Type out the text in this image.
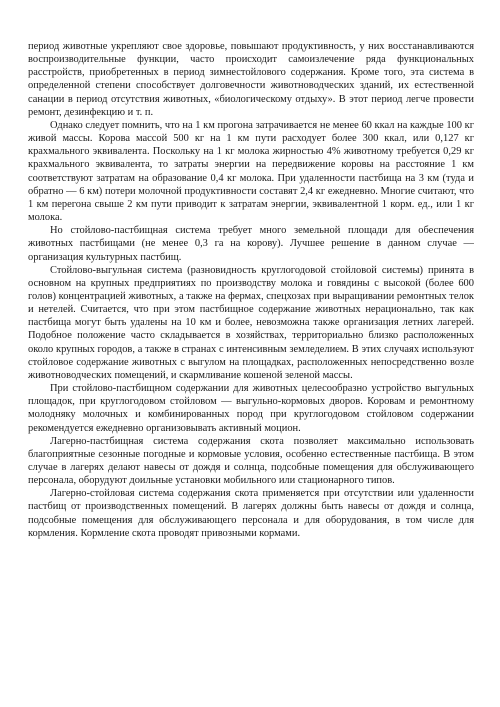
период животные укрепляют свое здоровье, повышают продуктивность, у них восстанавливаются воспроизводительные функции, часто происходит самоизлечение ряда функциональных расстройств, приобретенных в период зимнестойлового содержания. Кроме того, эта система в определенной степени способствует долговечности животноводческих зданий, их естественной санации в период отсутствия животных, «биологическому отдыху». В этот период легче провести ремонт, дезинфекцию и т. п.

Однако следует помнить, что на 1 км прогона затрачивается не менее 60 ккал на каждые 100 кг живой массы. Корова массой 500 кг на 1 км пути расходует более 300 ккал, или 0,127 кг крахмального эквивалента. Поскольку на 1 кг молока жирностью 4% животному требуется 0,29 кг крахмального эквивалента, то затраты энергии на передвижение коровы на расстояние 1 км соответствуют затратам на образование 0,4 кг молока. При удаленности пастбища на 3 км (туда и обратно — 6 км) потери молочной продуктивности составят 2,4 кг ежедневно. Многие считают, что 1 км перегона свыше 2 км пути приводит к затратам энергии, эквивалентной 1 корм. ед., или 1 кг молока.

Но стойлово-пастбищная система требует много земельной площади для обеспечения животных пастбищами (не менее 0,3 га на корову). Лучшее решение в данном случае — организация культурных пастбищ.

Стойлово-выгульная система (разновидность круглогодовой стойловой системы) принята в основном на крупных предприятиях по производству молока и говядины с высокой (более 600 голов) концентрацией животных, а также на фермах, спецхозах при выращивании ремонтных телок и нетелей. Считается, что при этом пастбищное содержание животных нерационально, так как пастбища могут быть удалены на 10 км и более, невозможна также организация летних лагерей. Подобное положение часто складывается в хозяйствах, территориально близко расположенных около крупных городов, а также в странах с интенсивным земледелием. В этих случаях используют стойловое содержание животных с выгулом на площадках, расположенных непосредственно возле животноводческих помещений, и скармливание кошеной зеленой массы.

При стойлово-пастбищном содержании для животных целесообразно устройство выгульных площадок, при круглогодовом стойловом — выгульно-кормовых дворов. Коровам и ремонтному молодняку молочных и комбинированных пород при круглогодовом стойловом содержании рекомендуется ежедневно организовывать активный моцион.

Лагерно-пастбищная система содержания скота позволяет максимально использовать благоприятные сезонные погодные и кормовые условия, особенно естественные пастбища. В этом случае в лагерях делают навесы от дождя и солнца, подсобные помещения для обслуживающего персонала, оборудуют доильные установки мобильного или стационарного типов.

Лагерно-стойловая система содержания скота применяется при отсутствии или удаленности пастбищ от производственных помещений. В лагерях должны быть навесы от дождя и солнца, подсобные помещения для обслуживающего персонала и для оборудования, в том числе для кормления. Кормление скота проводят привозными кормами.
